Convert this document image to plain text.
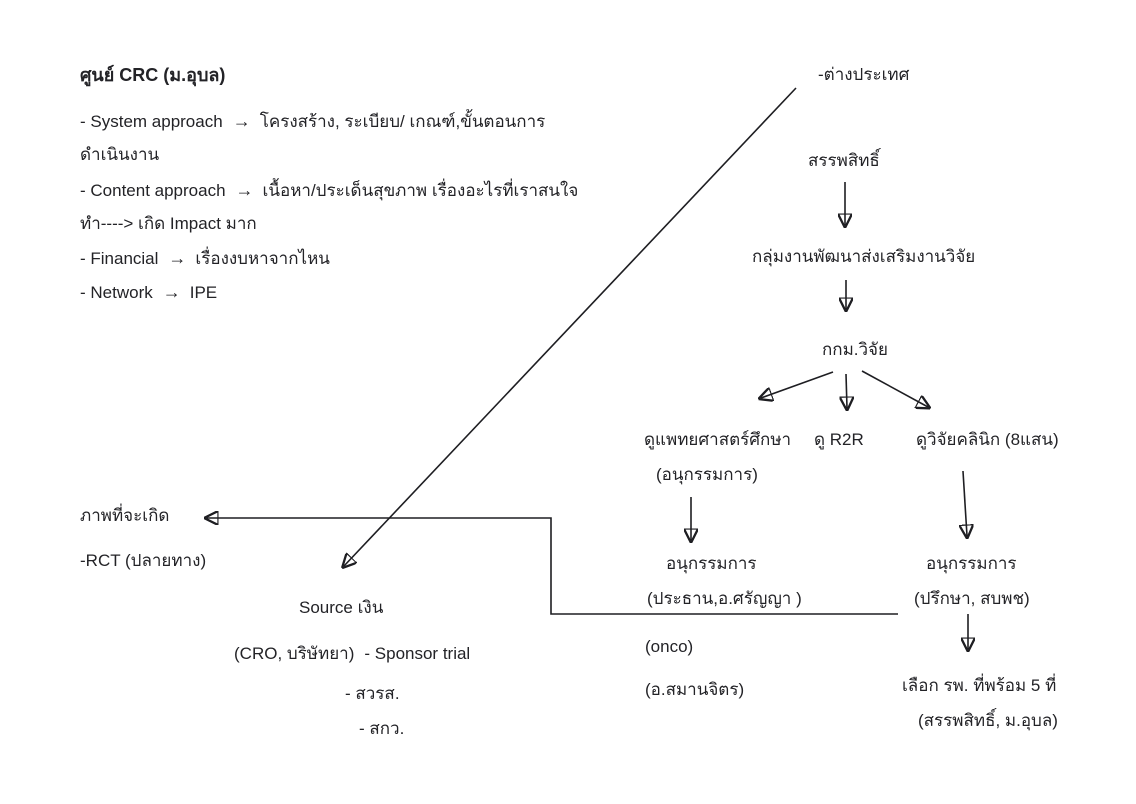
ศูนย์ CRC (ม.อุบล)
- System approach → โครงสร้าง, ระเบียบ/ เกณฑ์,ขั้นตอนการ
ดำเนินงาน
- Content approach → เนื้อหา/ประเด็นสุขภาพ เรื่องอะไรที่เราสนใจ
ทำ----> เกิด Impact มาก
- Financial → เรื่องงบหาจากไหน
- Network → IPE
-ต่างประเทศ
สรรพสิทธิ์
กลุ่มงานพัฒนาส่งเสริมงานวิจัย
กกม.วิจัย
ดูแพทยศาสตร์ศึกษา
(อนุกรรมการ)
ดู R2R	ดูวิจัยคลินิก (8แสน)
อนุกรรมการ
(ประธาน,อ.ศรัญญา )
(onco)
(อ.สมานจิตร)
อนุกรรมการ
(ปรึกษา, สบพช)
เลือก รพ. ที่พร้อม 5 ที่
(สรรพสิทธิ์, ม.อุบล)
ภาพที่จะเกิด
-RCT (ปลายทาง)
Source เงิน
(CRO, บริษัทยา) - Sponsor trial
- สวรส.
- สกว.
